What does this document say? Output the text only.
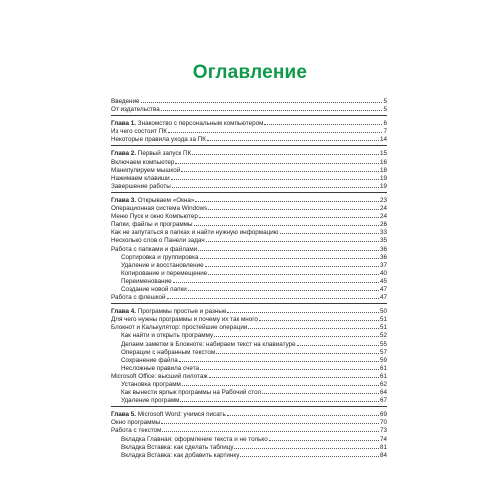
Оглавление
Введение	5
От издательства	5
Глава 1. Знакомство с персональным компьютером	6
Из чего состоит ПК	7
Некоторые правила ухода за ПК	14
Глава 2. Первый запуск ПК	15
Включаем компьютер	16
Манипулируем мышкой	18
Нажимаем клавиши	19
Завершение работы	19
Глава 3. Открываем «Окна»	23
Операционная система Windows	24
Меню Пуск и окно Компьютер	24
Папки, файлы и программы	26
Как не запутаться в папках и найти нужную информацию	33
Несколько слов о Панели задач	35
Работа с папками и файлами	36
Сортировка и группировка	36
Удаление и восстановление	37
Копирование и перемещение	40
Переименование	45
Создание новой папки	47
Работа с флешкой	47
Глава 4. Программы простые и разные	50
Для чего нужны программы и почему их так много	51
Блокнот и Калькулятор: простейшие операции	51
Как найти и открыть программу	52
Делаем заметки в Блокноте: набираем текст на клавиатуре	55
Операции с набранным текстом	57
Сохранение файла	59
Несложные правила счета	61
Microsoft Office: высший пилотаж	61
Установка программ	62
Как вынести ярлык программы на Рабочий стол	64
Удаление программ	67
Глава 5. Microsoft Word: учимся писать	69
Окно программы	70
Работа с текстом	73
Вкладка Главная: оформление текста и не только	74
Вкладка Вставка: как сделать таблицу	81
Вкладка Вставка: как добавить картинку	84
